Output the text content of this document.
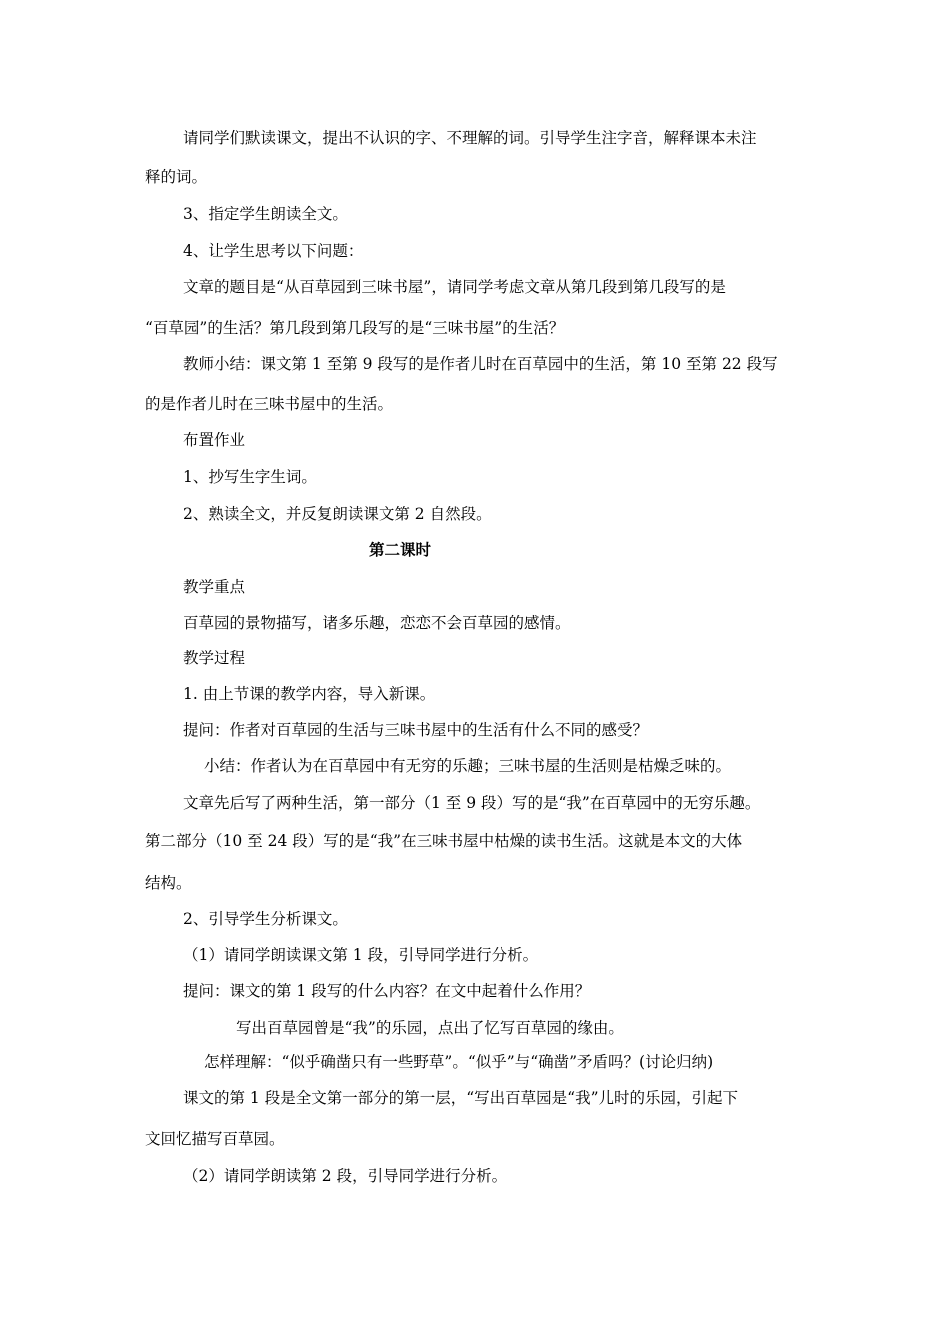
请同学们默读课文，提出不认识的字、不理解的词。引导学生注字音，解释课本未注
释的词。
3、指定学生朗读全文。
4、让学生思考以下问题：
文章的题目是“从百草园到三味书屋”，请同学考虑文章从第几段到第几段写的是
“百草园”的生活？第几段到第几段写的是“三味书屋”的生活？
教师小结：课文第 1 至第 9 段写的是作者儿时在百草园中的生活，第 10 至第 22 段写
的是作者儿时在三味书屋中的生活。
布置作业
1、抄写生字生词。
2、熟读全文，并反复朗读课文第 2 自然段。
第二课时
教学重点
百草园的景物描写，诸多乐趣，恋恋不会百草园的感情。
教学过程
1. 由上节课的教学内容，导入新课。
提问：作者对百草园的生活与三味书屋中的生活有什么不同的感受？
小结：作者认为在百草园中有无穷的乐趣；三味书屋的生活则是枯燥乏味的。
文章先后写了两种生活，第一部分（1 至 9 段）写的是“我”在百草园中的无穷乐趣。
第二部分（10 至 24 段）写的是“我”在三味书屋中枯燥的读书生活。这就是本文的大体
结构。
2、引导学生分析课文。
（1）请同学朗读课文第 1 段，引导同学进行分析。
提问：课文的第 1 段写的什么内容？在文中起着什么作用？
写出百草园曾是“我”的乐园，点出了忆写百草园的缘由。
怎样理解：“似乎确凿只有一些野草”。“似乎”与“确凿”矛盾吗？(讨论归纳)
课文的第 1 段是全文第一部分的第一层，“写出百草园是“我”儿时的乐园，引起下
文回忆描写百草园。
（2）请同学朗读第 2 段，引导同学进行分析。
